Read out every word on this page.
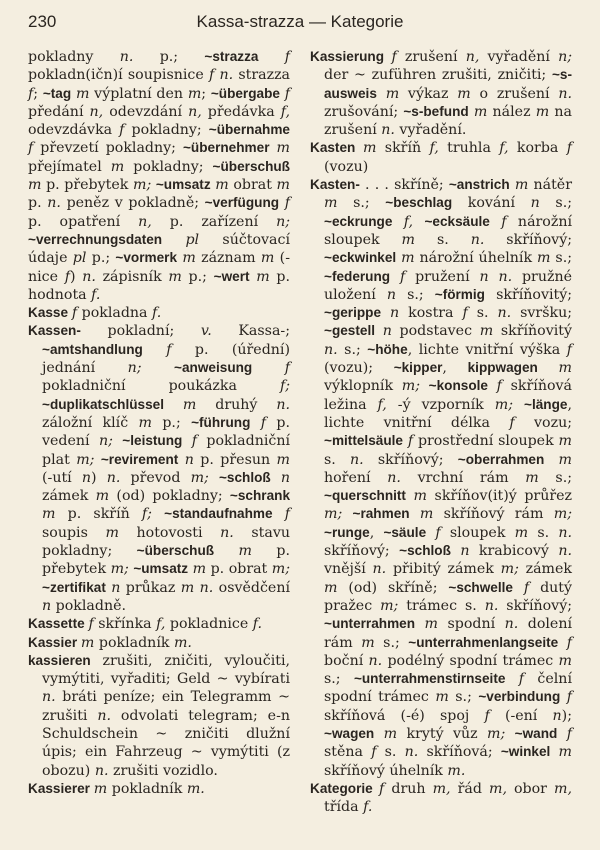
230	Kassa-strazza — Kategorie

pokladny n. p.; ~strazza f pokladn(ičn)í soupisnice f n. strazza f; ~tag m výplatní den m; ~übergabe f předání n, odevzdání n, předávka f, odevzdávka f pokladny; ~übernahme f převzetí pokladny; ~übernehmer m přejímatel m pokladny; ~überschuß m p. přebytek m; ~umsatz m obrat m p. n. peněz v pokladně; ~verfügung f p. opatření n, p. zařízení n; ~verrechnungsdaten pl súčtovací údaje pl p.; ~vormerk m záznam m (-nice f) n. zápisník m p.; ~wert m p. hodnota f.

Kasse f pokladna f.

Kassen- pokladní; v. Kassa-; ~amtshandlung f p. (úřední) jednání n; ~anweisung f pokladniční poukázka f; ~duplikatschlüssel m druhý n. záložní klíč m p.; ~führung f p. vedení n; ~leistung f pokladniční plat m; ~revirement n p. přesun m (-utí n) n. převod m; ~schloß n zámek m (od) pokladny; ~schrank m p. skříň f; ~standaufnahme f soupis m hotovosti n. stavu pokladny; ~überschuß m p. přebytek m; ~umsatz m p. obrat m; ~zertifikat n průkaz m n. osvědčení n pokladně.

Kassette f skřínka f, pokladnice f.

Kassier m pokladník m.

kassieren zrušiti, zničiti, vyloučiti, vymýtiti, vyřaditi; Geld ~ vybírati n. bráti peníze; ein Telegramm ~ zrušiti n. odvolati telegram; e-n Schuldschein ~ zničiti dlužní úpis; ein Fahrzeug ~ vymýtiti (z obozu) n. zrušiti vozidlo.

Kassierer m pokladník m.

Kassierung f zrušení n, vyřadění n; der ~ zuführen zrušiti, zničiti; ~s-ausweis m výkaz m o zrušení n. zrušování; ~s-befund m nález m na zrušení n. vyřadění.

Kasten m skříň f, truhla f, korba f (vozu)

Kasten- . . . skříně; ~anstrich m nátěr m s.; ~beschlag kování n s.; ~eckrunge f, ~ecksäule f nárožní sloupek m s. n. skříňový; ~eckwinkel m nárožní úhelník m s.; ~federung f pružení n n. pružné uložení n s.; ~förmig skříňovitý; ~gerippe n kostra f s. n. svršku; ~gestell n podstavec m skříňovitý n. s.; ~höhe, lichte vnitřní výška f (vozu); ~kipper, kippwagen m výklopník m; ~konsole f skříňová ležina f, -ý vzporník m; ~länge, lichte vnitřní délka f vozu; ~mittelsäule f prostřední sloupek m s. n. skříňový; ~oberrahmen m hoření n. vrchní rám m s.; ~querschnitt m skříňov(it)ý průřez m; ~rahmen m skříňový rám m; ~runge, ~säule f sloupek m s. n. skříňový; ~schloß n krabicový n. vnější n. přibitý zámek m; zámek m (od) skříně; ~schwelle f dutý pražec m; trámec s. n. skříňový; ~unterrahmen m spodní n. dolení rám m s.; ~unterrahmenlangseite f boční n. podélný spodní trámec m s.; ~unterrahmenstirnseite f čelní spodní trámec m s.; ~verbindung f skříňová (-é) spoj f (-ení n); ~wagen m krytý vůz m; ~wand f stěna f s. n. skříňová; ~winkel m skříňový úhelník m.

Kategorie f druh m, řád m, obor m, třída f.
